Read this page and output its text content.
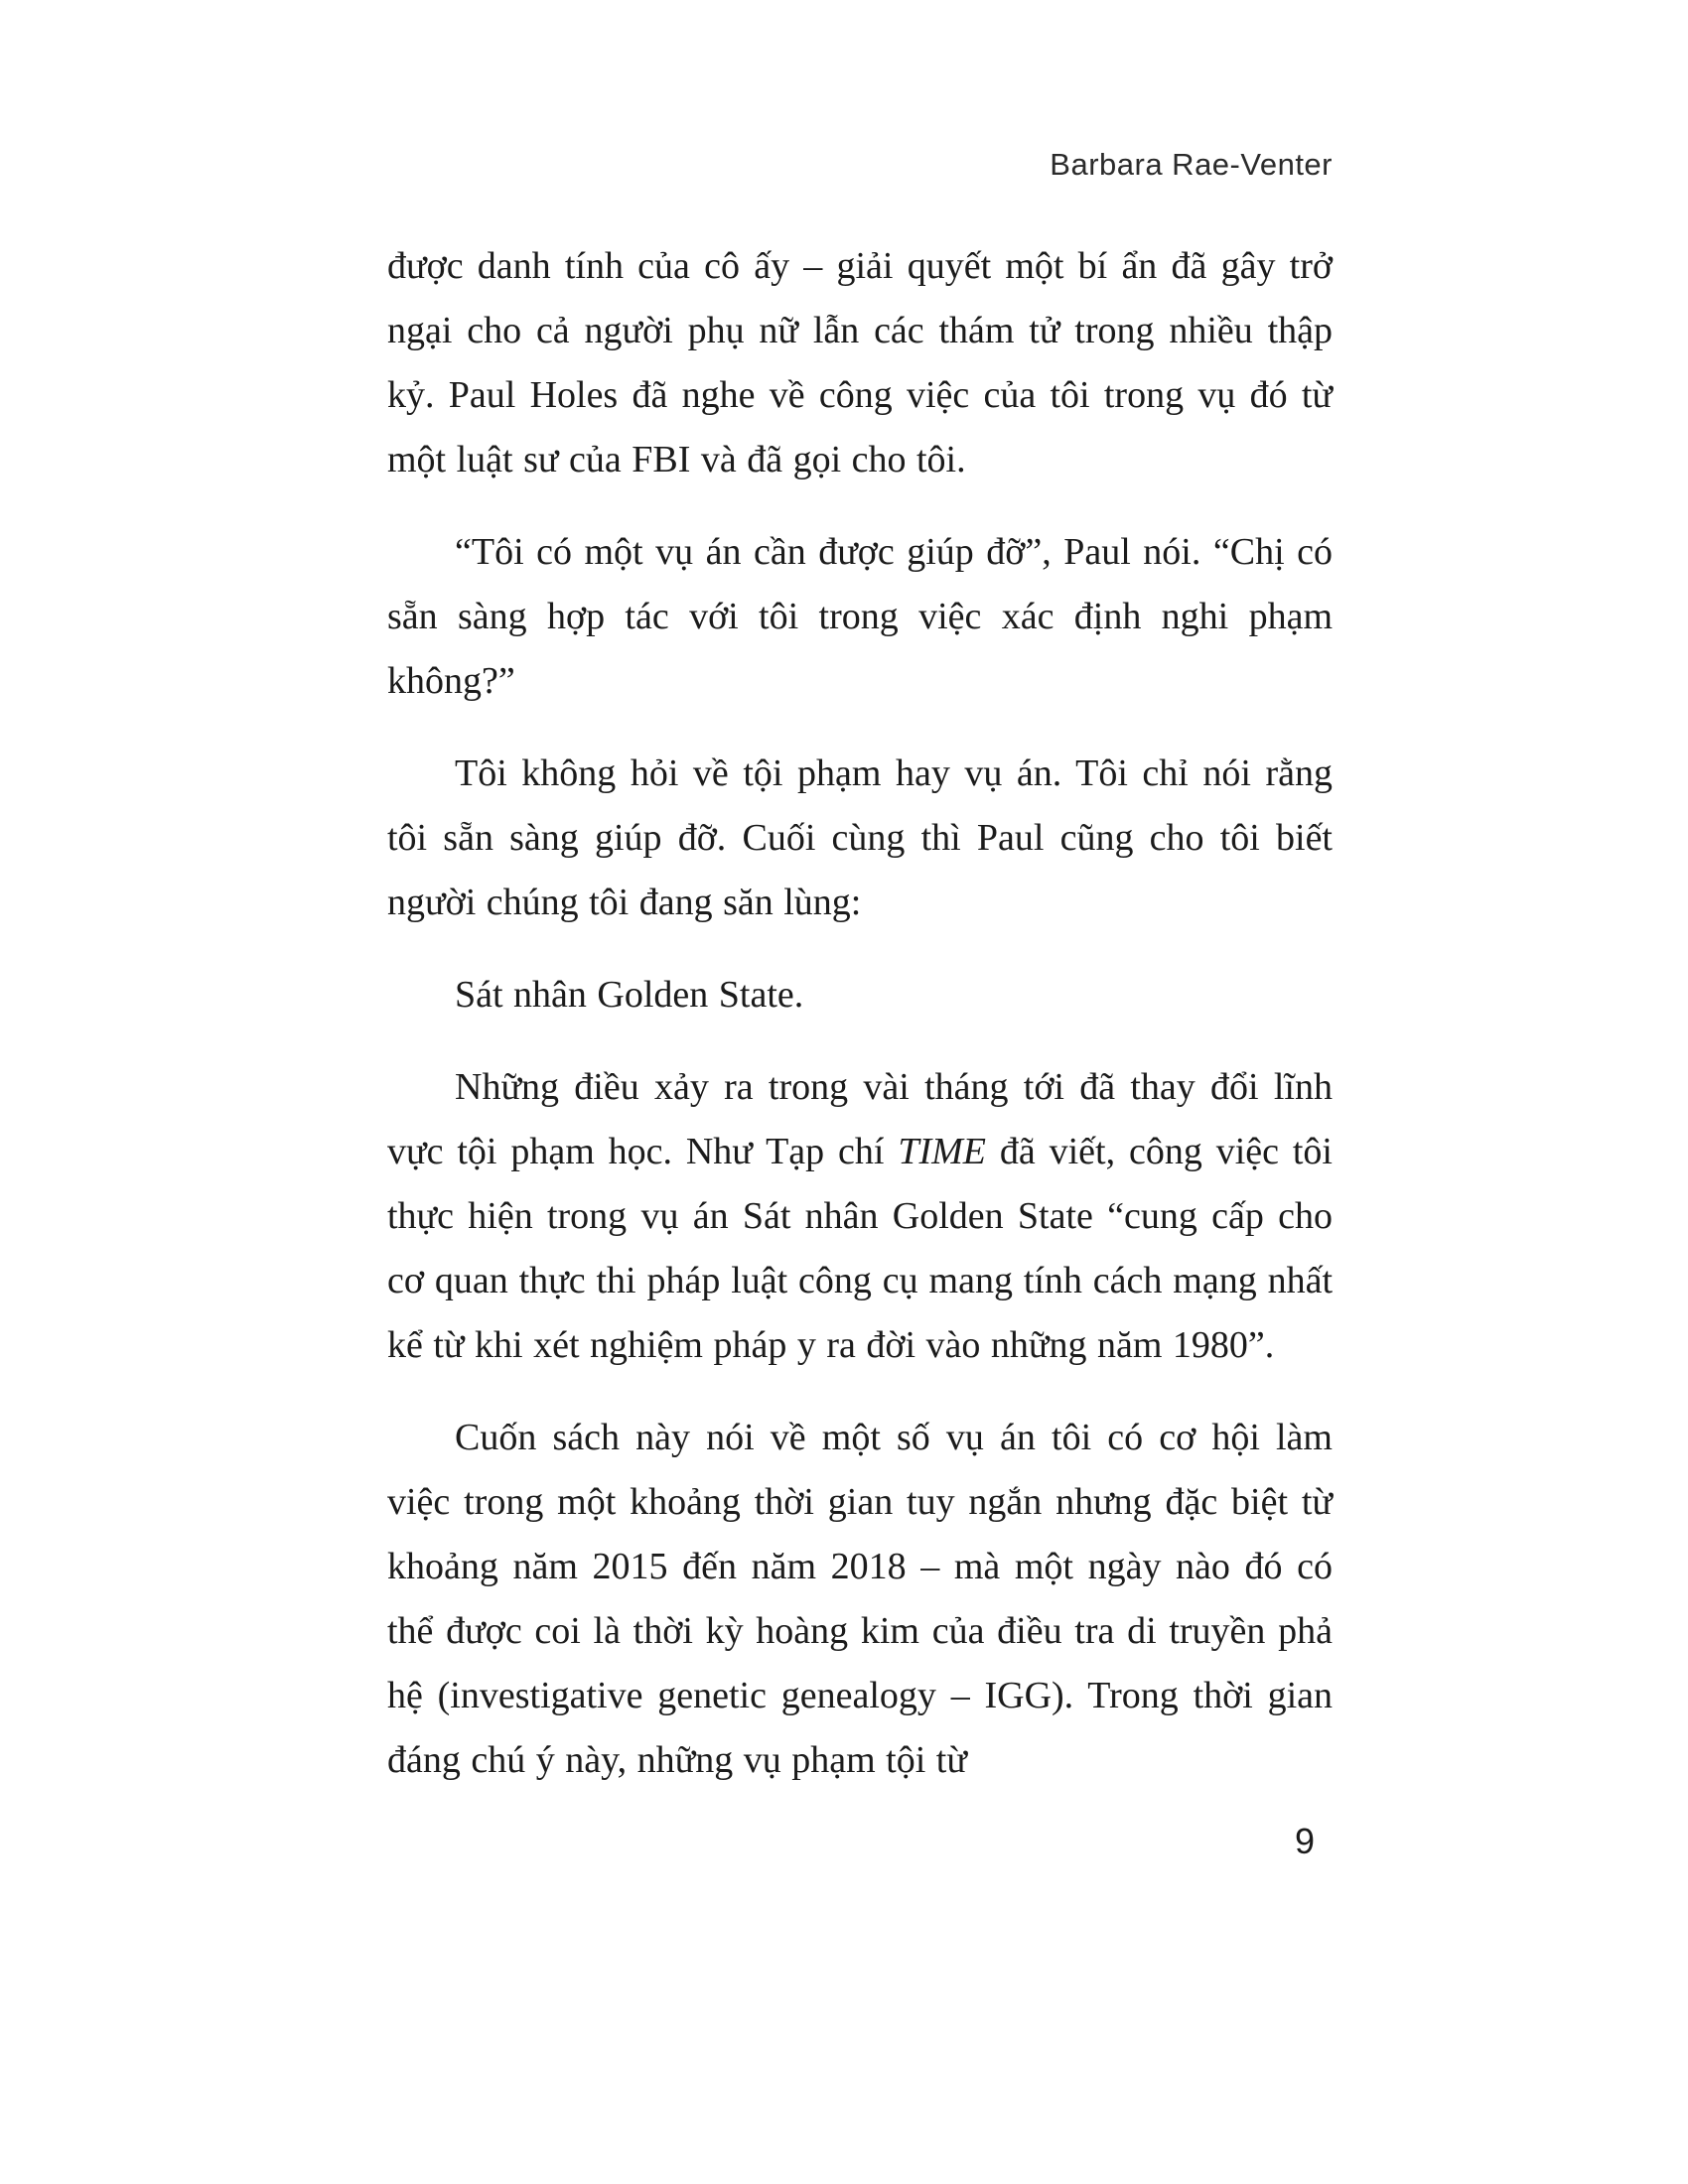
Barbara Rae-Venter

được danh tính của cô ấy – giải quyết một bí ẩn đã gây trở ngại cho cả người phụ nữ lẫn các thám tử trong nhiều thập kỷ. Paul Holes đã nghe về công việc của tôi trong vụ đó từ một luật sư của FBI và đã gọi cho tôi.

“Tôi có một vụ án cần được giúp đỡ”, Paul nói. “Chị có sẵn sàng hợp tác với tôi trong việc xác định nghi phạm không?”

Tôi không hỏi về tội phạm hay vụ án. Tôi chỉ nói rằng tôi sẵn sàng giúp đỡ. Cuối cùng thì Paul cũng cho tôi biết người chúng tôi đang săn lùng:

Sát nhân Golden State.

Những điều xảy ra trong vài tháng tới đã thay đổi lĩnh vực tội phạm học. Như Tạp chí TIME đã viết, công việc tôi thực hiện trong vụ án Sát nhân Golden State “cung cấp cho cơ quan thực thi pháp luật công cụ mang tính cách mạng nhất kể từ khi xét nghiệm pháp y ra đời vào những năm 1980”.

Cuốn sách này nói về một số vụ án tôi có cơ hội làm việc trong một khoảng thời gian tuy ngắn nhưng đặc biệt từ khoảng năm 2015 đến năm 2018 – mà một ngày nào đó có thể được coi là thời kỳ hoàng kim của điều tra di truyền phả hệ (investigative genetic genealogy – IGG). Trong thời gian đáng chú ý này, những vụ phạm tội từ

9
